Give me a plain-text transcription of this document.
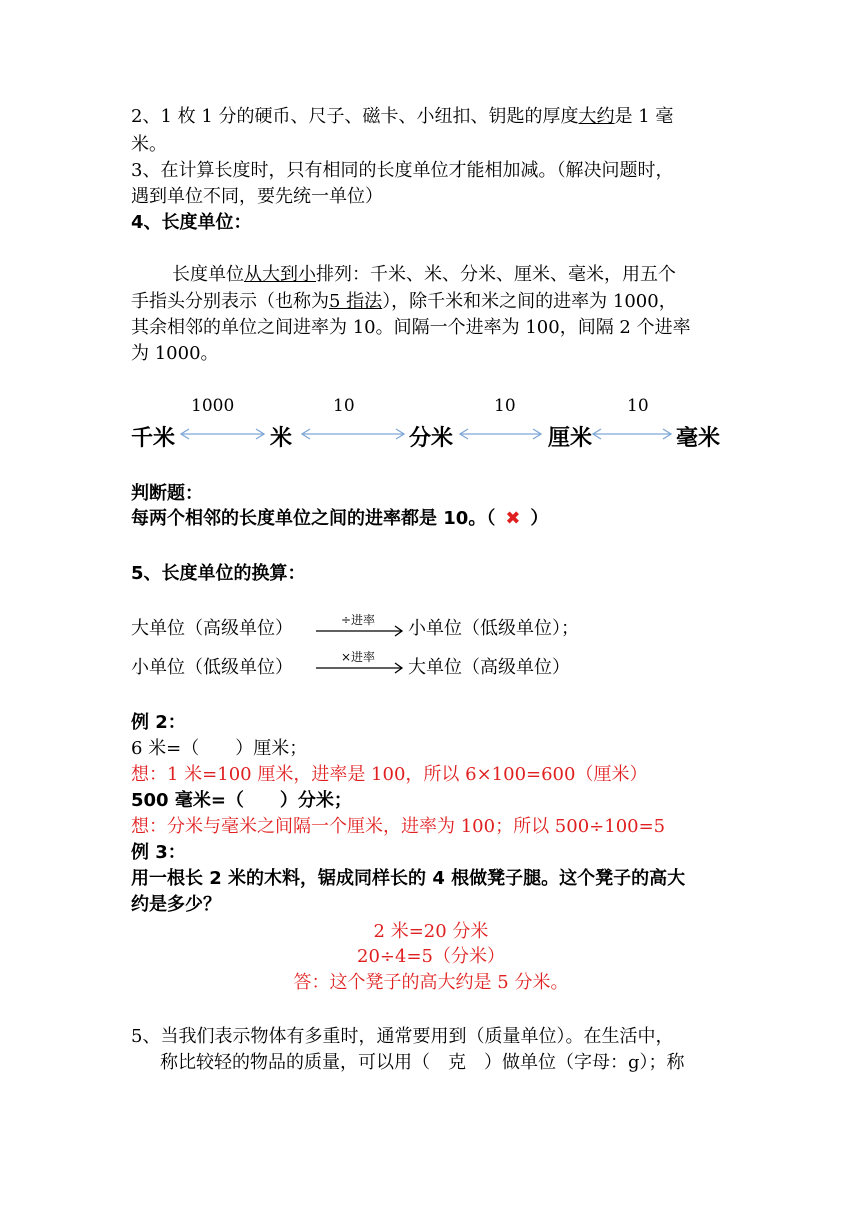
2、1 枚 1 分的硬币、尺子、磁卡、小纽扣、钥匙的厚度大约是 1 毫
米。
3、在计算长度时，只有相同的长度单位才能相加减。（解决问题时，
遇到单位不同，要先统一单位）
4、长度单位：
长度单位从大到小排列：千米、米、分米、厘米、毫米，用五个
手指头分别表示（也称为5 指法），除千米和米之间的进率为 1000，
其余相邻的单位之间进率为 10。间隔一个进率为 100，间隔 2 个进率
为 1000。
1000	10	10	10
千米	米	分米	厘米	毫米
判断题：
每两个相邻的长度单位之间的进率都是 10。（ ✖ ）
5、长度单位的换算：
大单位（高级单位）	÷进率 小单位（低级单位）；
小单位（低级单位）	×进率 大单位（高级单位）
例 2：
6 米=（　　）厘米；
想：1 米=100 厘米，进率是 100，所以 6×100=600（厘米）
500 毫米=（　　）分米；
想：分米与毫米之间隔一个厘米，进率为 100；所以 500÷100=5
例 3：
用一根长 2 米的木料，锯成同样长的 4 根做凳子腿。这个凳子的高大
约是多少？
2 米=20 分米
20÷4=5（分米）
答：这个凳子的高大约是 5 分米。
5、当我们表示物体有多重时，通常要用到（质量单位）。在生活中，
称比较轻的物品的质量，可以用（　克　）做单位（字母：g）；称
